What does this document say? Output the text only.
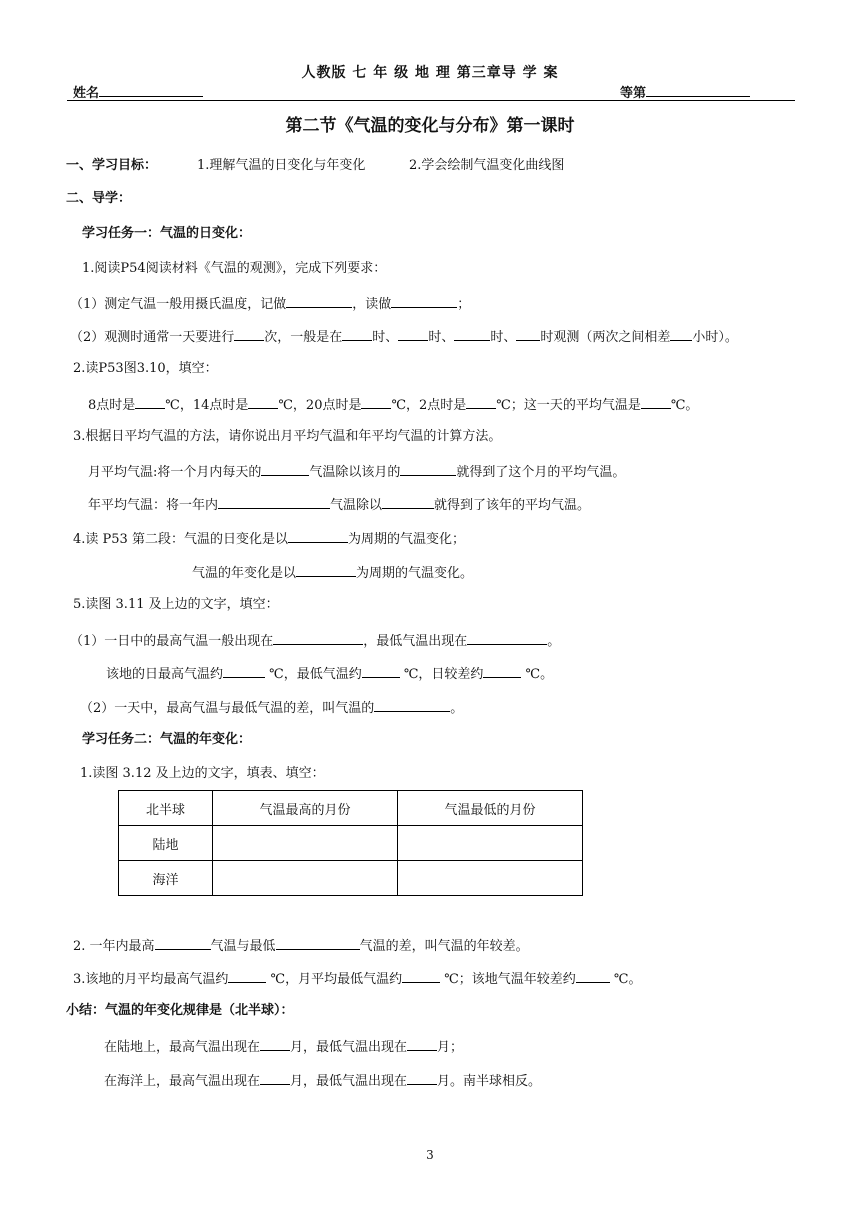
人教版 七 年 级 地 理 第三章导 学 案
姓名	等第
第二节《气温的变化与分布》第一课时
一、学习目标：	1.理解气温的日变化与年变化	2.学会绘制气温变化曲线图
二、导学：
学习任务一：气温的日变化：
1.阅读P54阅读材料《气温的观测》，完成下列要求：
（1）测定气温一般用摄氏温度，记做	，读做	；
（2）观测时通常一天要进行 次，一般是在 时、 时、	时、 时观测（两次之间相差 小时）。
2.读P53图3.10，填空：
8点时是 ℃，14点时是 ℃，20点时是 ℃，2点时是 ℃；这一天的平均气温是 ℃。
3.根据日平均气温的方法，请你说出月平均气温和年平均气温的计算方法。
月平均气温:将一个月内每天的	气温除以该月的	就得到了这个月的平均气温。
年平均气温：将一年内	气温除以	就得到了该年的平均气温。
4.读 P53 第二段：气温的日变化是以	为周期的气温变化；
气温的年变化是以	为周期的气温变化。
5.读图 3.11 及上边的文字，填空：
（1）一日中的最高气温一般出现在	，最低气温出现在	。
该地的日最高气温约	℃，最低气温约	℃，日较差约	℃。
（2）一天中，最高气温与最低气温的差，叫气温的	。
学习任务二：气温的年变化：
1.读图 3.12 及上边的文字，填表、填空：
北半球	气温最高的月份	气温最低的月份
陆地		
海洋		
2. 一年内最高	气温与最低	气温的差，叫气温的年较差。
3.该地的月平均最高气温约	℃，月平均最低气温约	℃；该地气温年较差约	℃。
小结：气温的年变化规律是（北半球）：
在陆地上，最高气温出现在 月，最低气温出现在 月；
在海洋上，最高气温出现在 月，最低气温出现在 月。南半球相反。
3
